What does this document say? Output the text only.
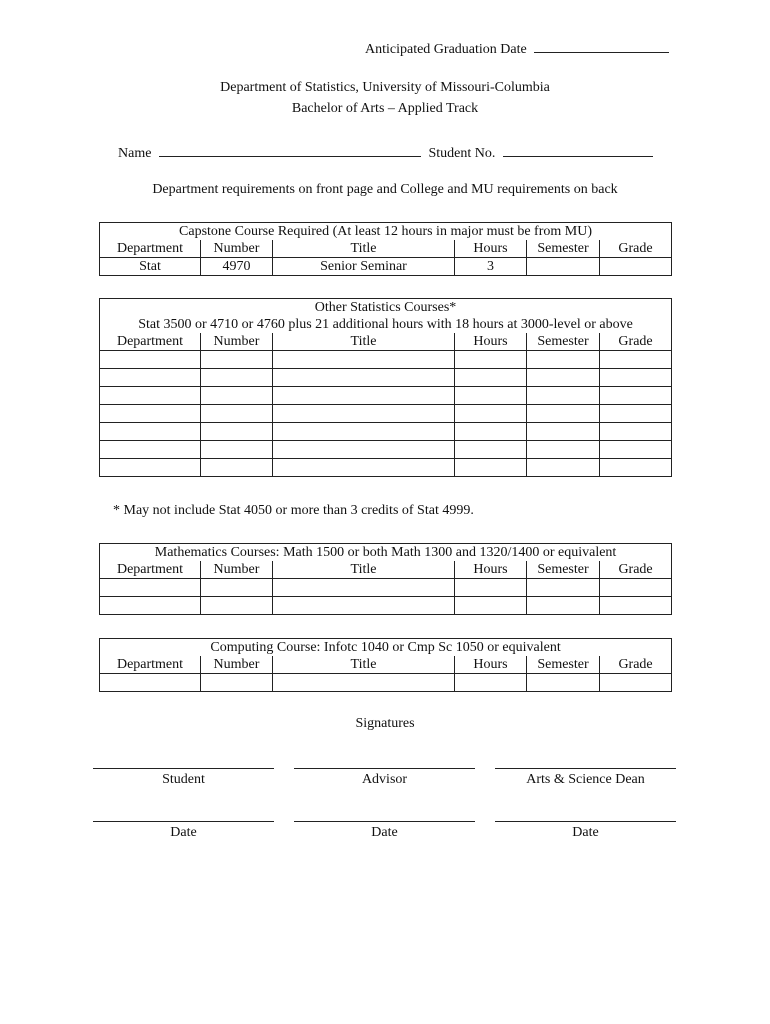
Anticipated Graduation Date
Department of Statistics, University of Missouri-Columbia
Bachelor of Arts – Applied Track
Name	Student No.
Department requirements on front page and College and MU requirements on back
Capstone Course Required (At least 12 hours in major must be from MU)					
Department	Number	Title	Hours	Semester	Grade
Stat	4970	Senior Seminar	3		
Other Statistics Courses*					
Stat 3500 or 4710 or 4760 plus 21 additional hours with 18 hours at 3000-level or above					
Department	Number	Title	Hours	Semester	Grade

* May not include Stat 4050 or more than 3 credits of Stat 4999.
Mathematics Courses: Math 1500 or both Math 1300 and 1320/1400 or equivalent					
Department	Number	Title	Hours	Semester	Grade

Computing Course: Infotc 1040 or Cmp Sc 1050 or equivalent					
Department	Number	Title	Hours	Semester	Grade

Signatures
Student	Advisor	Arts & Science Dean
Date	Date	Date
